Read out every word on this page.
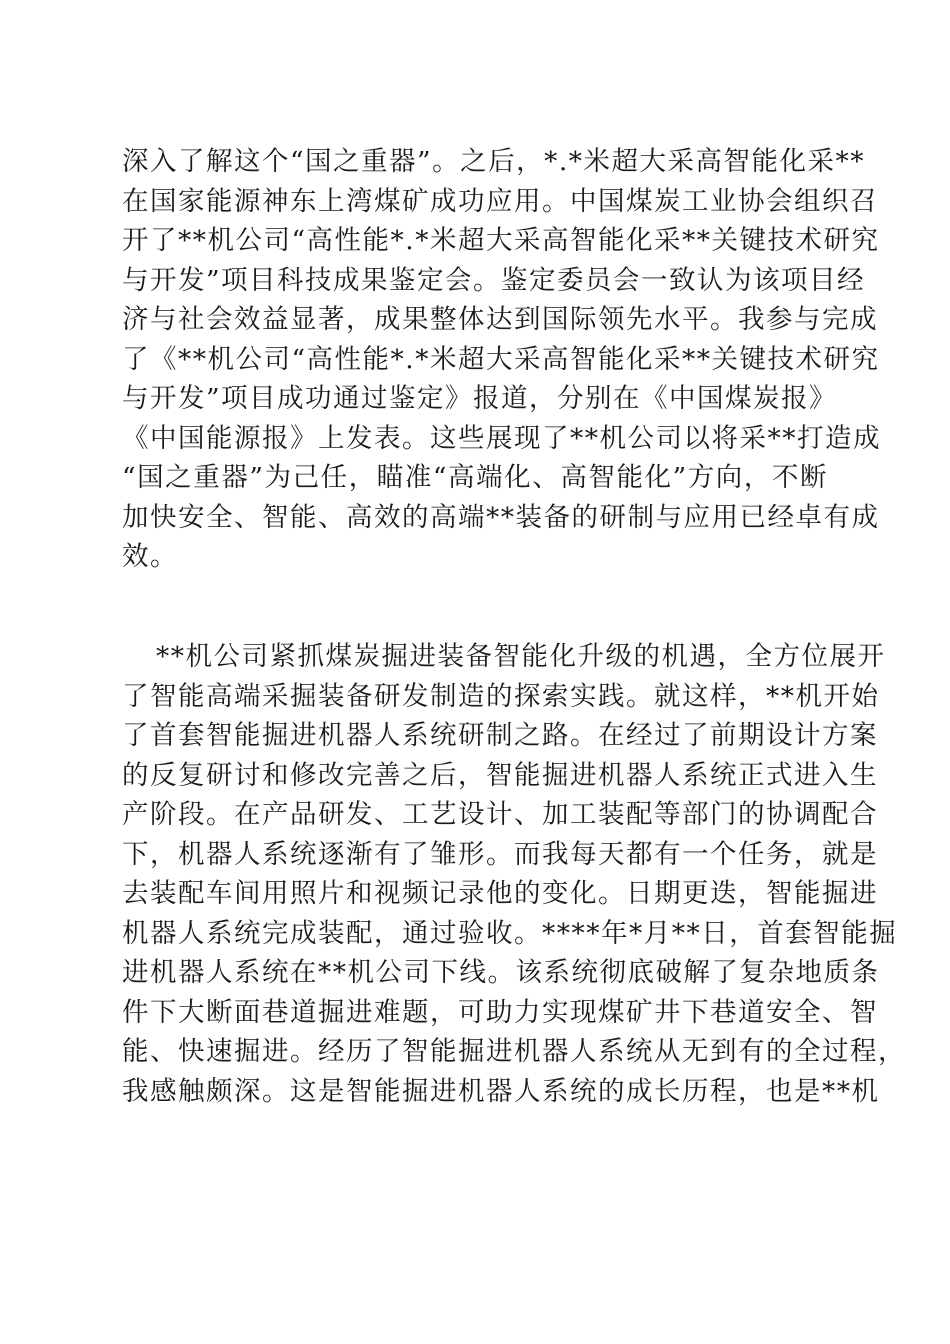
深入了解这个“国之重器”。之后，*.*米超大采高智能化采**
在国家能源神东上湾煤矿成功应用。中国煤炭工业协会组织召
开了**机公司“高性能*.*米超大采高智能化采**关键技术研究
与开发”项目科技成果鉴定会。鉴定委员会一致认为该项目经
济与社会效益显著，成果整体达到国际领先水平。我参与完成
了《**机公司“高性能*.*米超大采高智能化采**关键技术研究
与开发”项目成功通过鉴定》报道，分别在《中国煤炭报》
《中国能源报》上发表。这些展现了**机公司以将采**打造成
“国之重器”为己任，瞄准“高端化、高智能化”方向，不断
加快安全、智能、高效的高端**装备的研制与应用已经卓有成
效。
**机公司紧抓煤炭掘进装备智能化升级的机遇，全方位展开
了智能高端采掘装备研发制造的探索实践。就这样，**机开始
了首套智能掘进机器人系统研制之路。在经过了前期设计方案
的反复研讨和修改完善之后，智能掘进机器人系统正式进入生
产阶段。在产品研发、工艺设计、加工装配等部门的协调配合
下，机器人系统逐渐有了雏形。而我每天都有一个任务，就是
去装配车间用照片和视频记录他的变化。日期更迭，智能掘进
机器人系统完成装配，通过验收。****年*月**日，首套智能掘
进机器人系统在**机公司下线。该系统彻底破解了复杂地质条
件下大断面巷道掘进难题，可助力实现煤矿井下巷道安全、智
能、快速掘进。经历了智能掘进机器人系统从无到有的全过程，
我感触颇深。这是智能掘进机器人系统的成长历程，也是**机
